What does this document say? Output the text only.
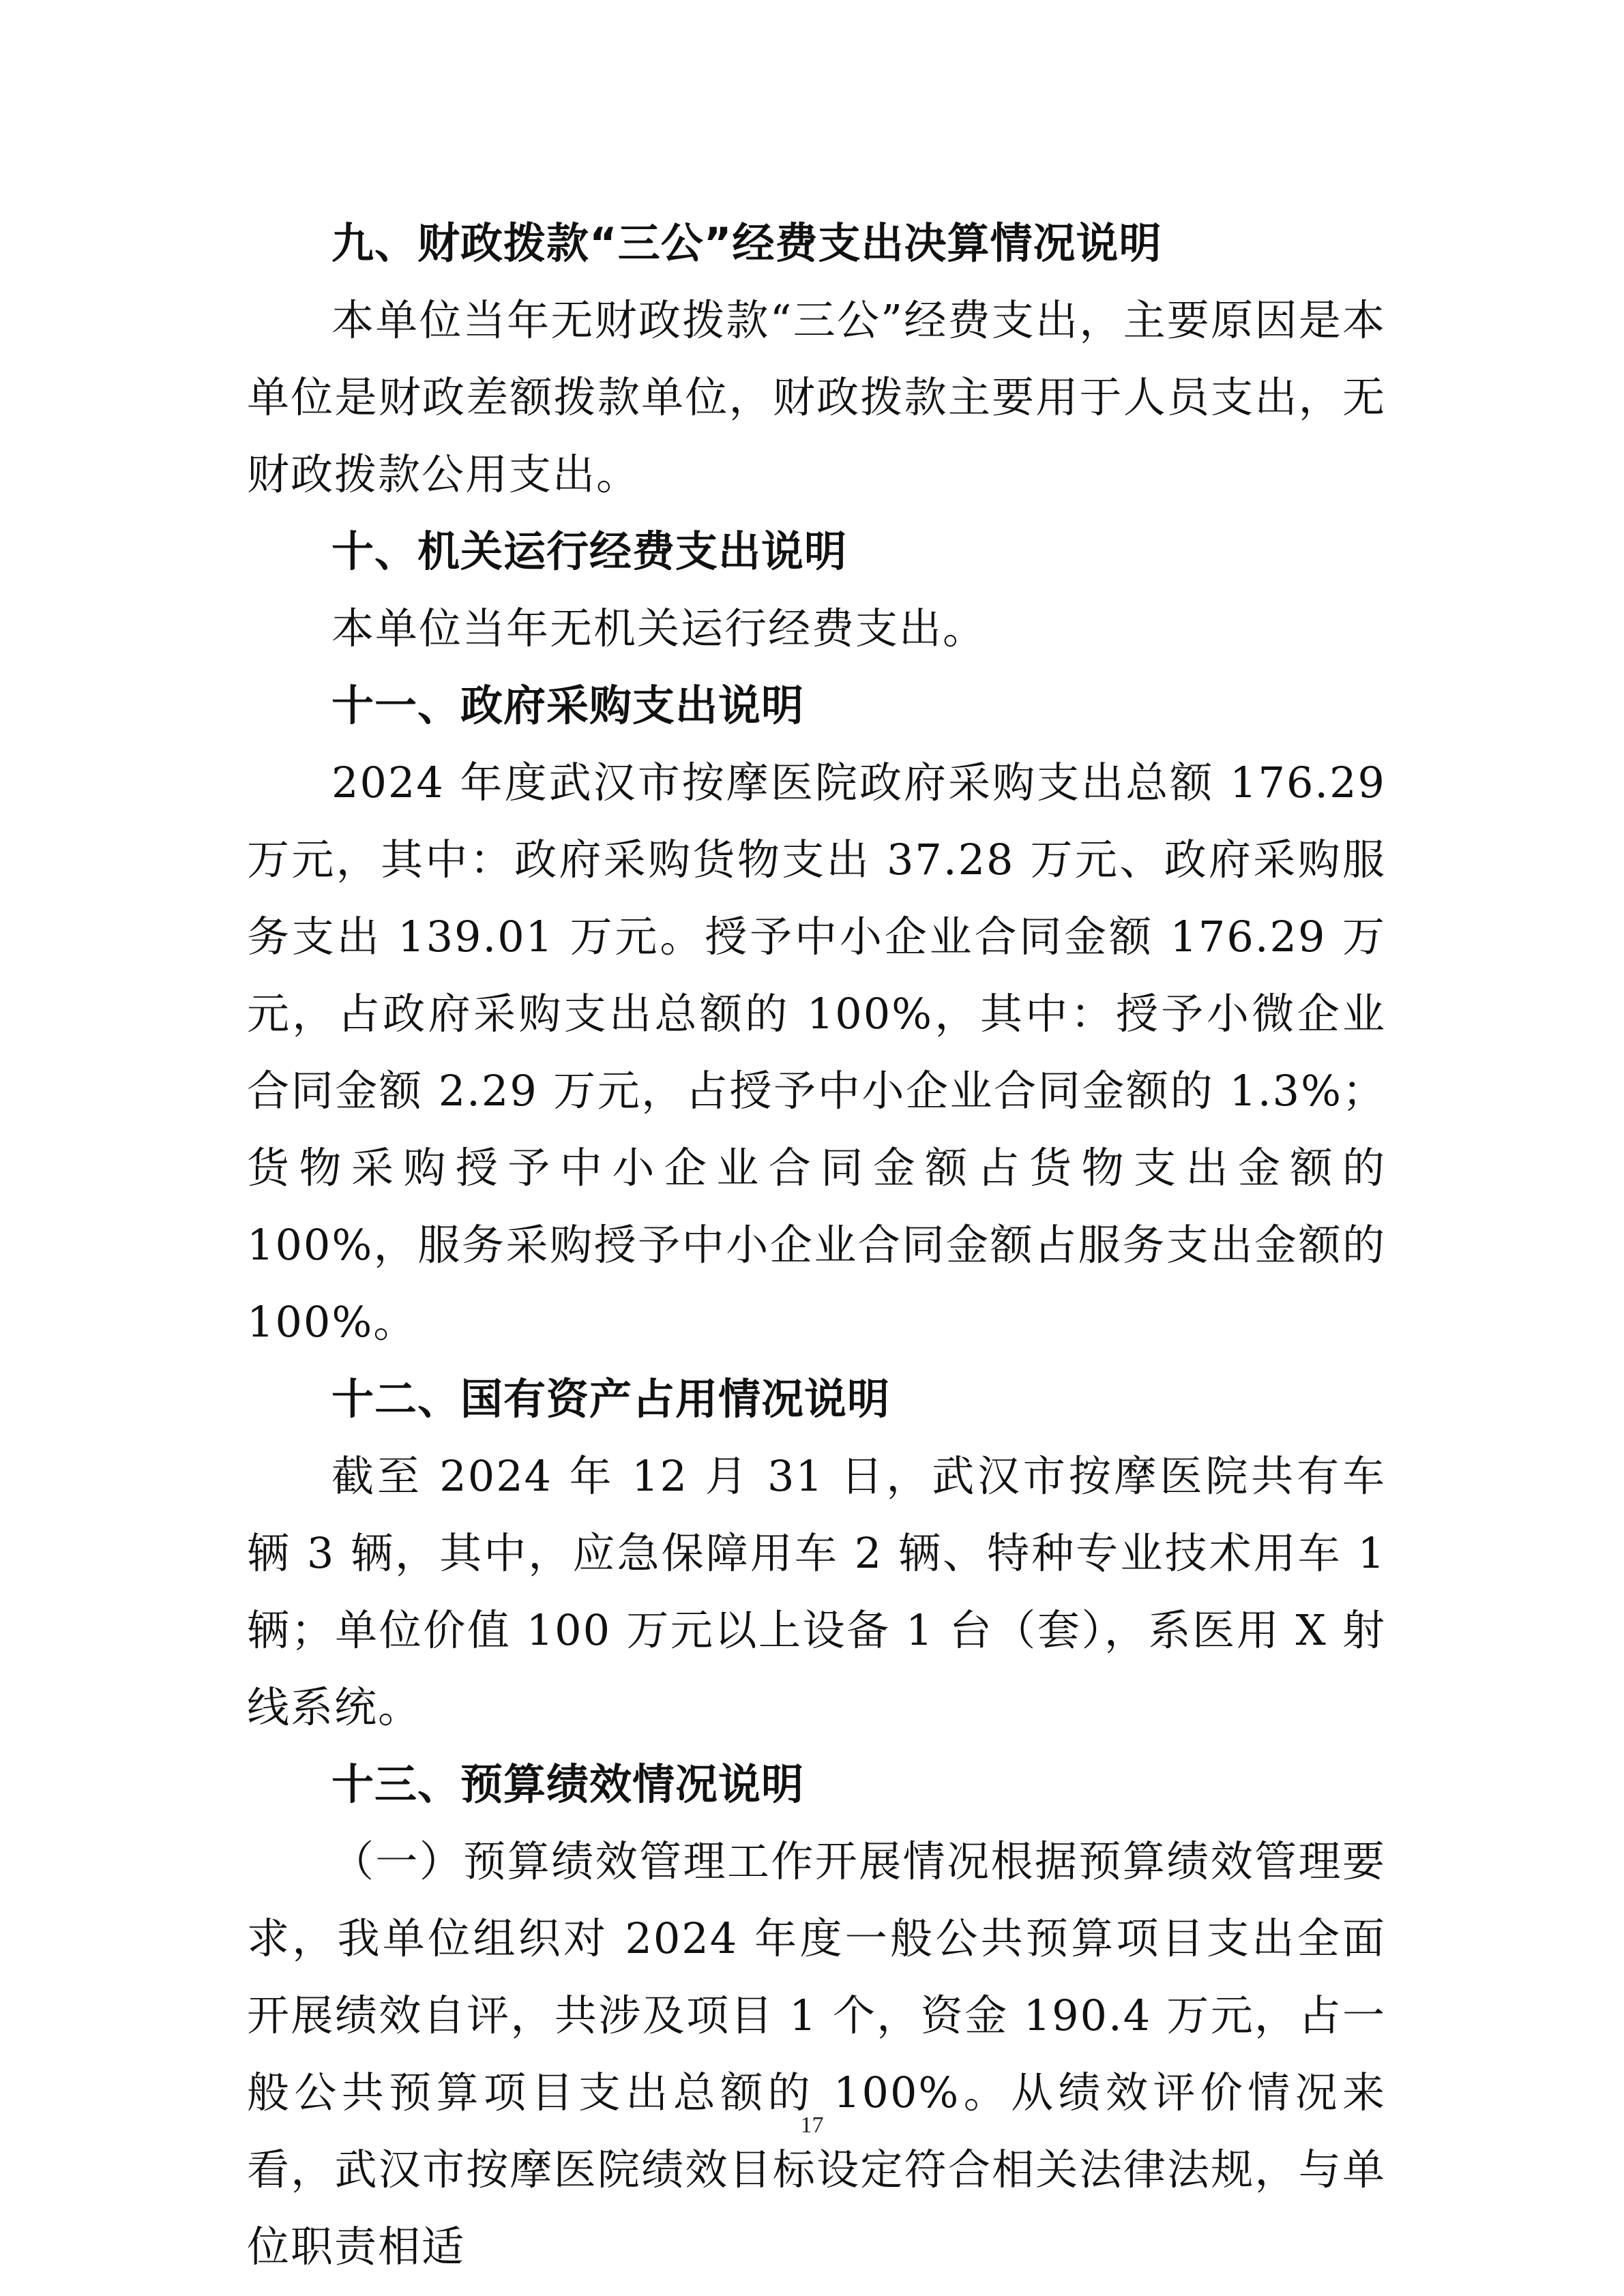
九、财政拨款“三公”经费支出决算情况说明

本单位当年无财政拨款“三公”经费支出，主要原因是本单位是财政差额拨款单位，财政拨款主要用于人员支出，无财政拨款公用支出。

十、机关运行经费支出说明

本单位当年无机关运行经费支出。

十一、政府采购支出说明

2024 年度武汉市按摩医院政府采购支出总额 176.29 万元，其中：政府采购货物支出 37.28 万元、政府采购服务支出 139.01 万元。授予中小企业合同金额 176.29 万元，占政府采购支出总额的 100%，其中：授予小微企业合同金额 2.29 万元，占授予中小企业合同金额的 1.3%；货物采购授予中小企业合同金额占货物支出金额的 100%，服务采购授予中小企业合同金额占服务支出金额的 100%。

十二、国有资产占用情况说明

截至 2024 年 12 月 31 日，武汉市按摩医院共有车辆 3 辆，其中，应急保障用车 2 辆、特种专业技术用车 1 辆；单位价值 100 万元以上设备 1 台（套），系医用 X 射线系统。

十三、预算绩效情况说明

（一）预算绩效管理工作开展情况根据预算绩效管理要求，我单位组织对 2024 年度一般公共预算项目支出全面开展绩效自评，共涉及项目 1 个，资金 190.4 万元，占一般公共预算项目支出总额的 100%。从绩效评价情况来看，武汉市按摩医院绩效目标设定符合相关法律法规，与单位职责相适

17
